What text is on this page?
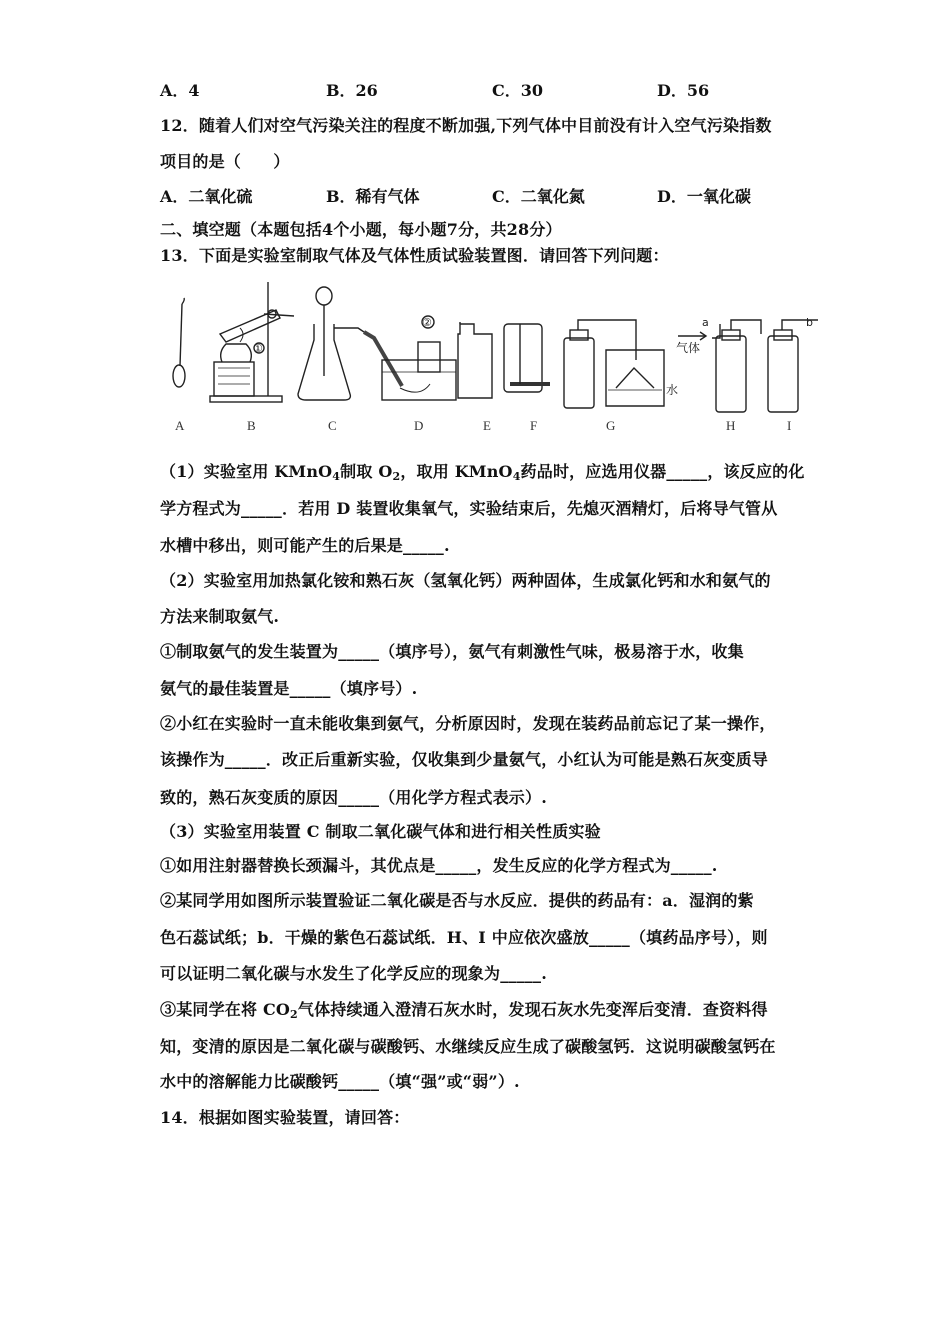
A．4	B．26	C．30	D．56
12．随着人们对空气污染关注的程度不断加强,下列气体中目前没有计入空气污染指数
项目的是（　　）
A．二氧化硫	B．稀有气体	C．二氧化氮	D．一氧化碳
二、填空题（本题包括4个小题，每小题7分，共28分）
13．下面是实验室制取气体及气体性质试验装置图．请回答下列问题：
①
②
水
气体
a	b
A	B	C	D	E	F	G	H	I
（1）实验室用 KMnO$_4$制取 $O_2$，取用 KMnO$_4$药品时，应选用仪器_____，该反应的化
学方程式为_____．若用 D 装置收集氧气，实验结束后，先熄灭酒精灯，后将导气管从
水槽中移出，则可能产生的后果是_____.
（2）实验室用加热氯化铵和熟石灰（氢氧化钙）两种固体，生成氯化钙和水和氨气的
方法来制取氨气.
①制取氨气的发生装置为_____（填序号），氨气有刺激性气味，极易溶于水，收集
氨气的最佳装置是_____（填序号）.
②小红在实验时一直未能收集到氨气，分析原因时，发现在装药品前忘记了某一操作，
该操作为_____．改正后重新实验，仅收集到少量氨气，小红认为可能是熟石灰变质导
致的，熟石灰变质的原因_____（用化学方程式表示）.
（3）实验室用装置 C 制取二氧化碳气体和进行相关性质实验
①如用注射器替换长颈漏斗，其优点是_____，发生反应的化学方程式为_____.
②某同学用如图所示装置验证二氧化碳是否与水反应．提供的药品有：a．湿润的紫
色石蕊试纸；b．干燥的紫色石蕊试纸．H、I 中应依次盛放_____（填药品序号），则
可以证明二氧化碳与水发生了化学反应的现象为_____.
③某同学在将 $CO_2$气体持续通入澄清石灰水时，发现石灰水先变浑后变清．查资料得
知，变清的原因是二氧化碳与碳酸钙、水继续反应生成了碳酸氢钙．这说明碳酸氢钙在
水中的溶解能力比碳酸钙_____（填“强”或“弱”）.
14．根据如图实验装置，请回答：
